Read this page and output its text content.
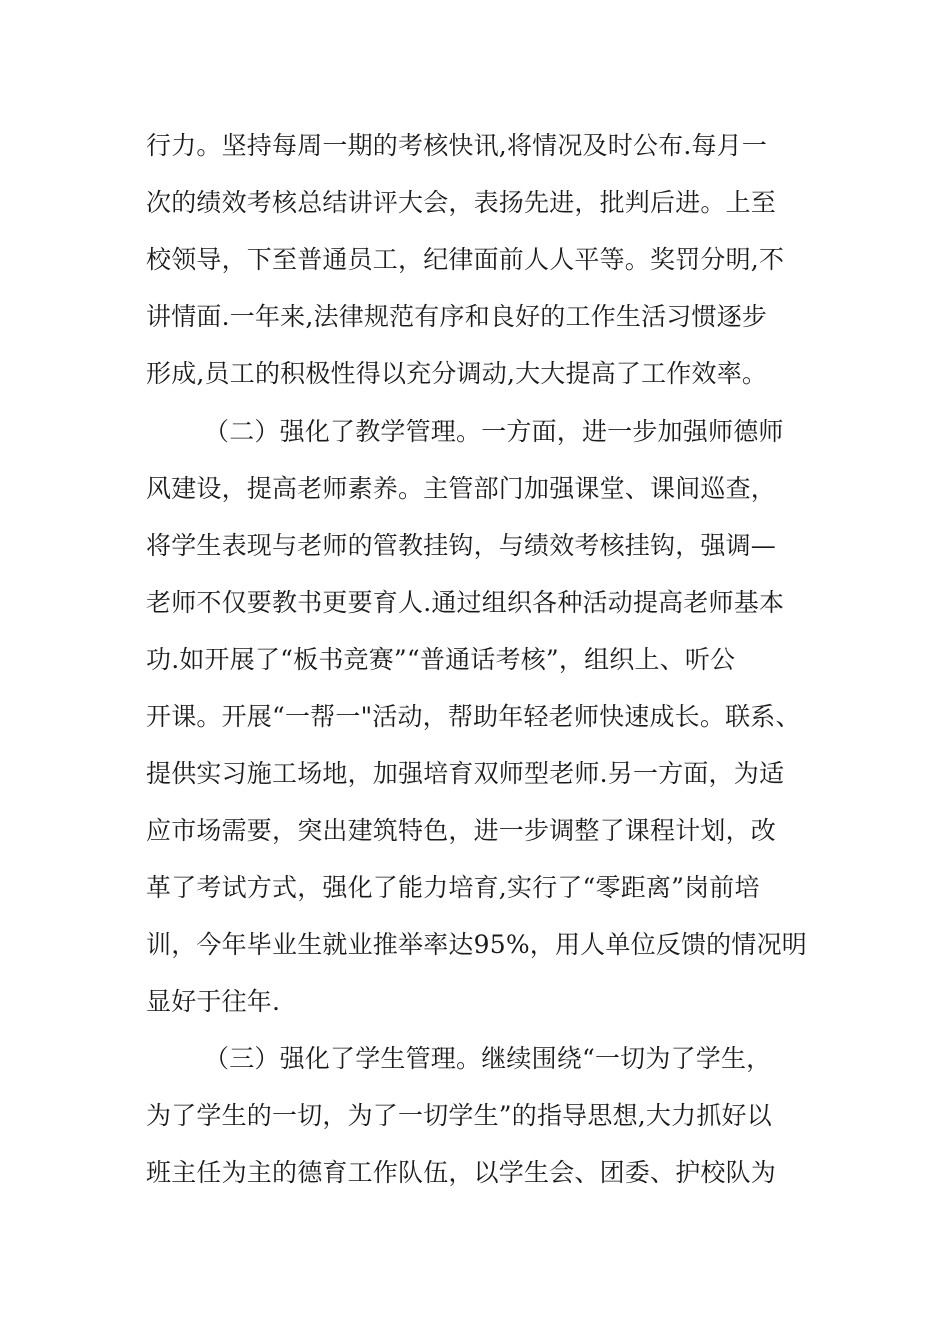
行力。坚持每周一期的考核快讯,将情况及时公布.每月一

次的绩效考核总结讲评大会，表扬先进，批判后进。上至

校领导，下至普通员工，纪律面前人人平等。奖罚分明,不

讲情面.一年来,法律规范有序和良好的工作生活习惯逐步

形成,员工的积极性得以充分调动,大大提高了工作效率。

（二）强化了教学管理。一方面，进一步加强师德师

风建设，提高老师素养。主管部门加强课堂、课间巡查，

将学生表现与老师的管教挂钩，与绩效考核挂钩，强调—

老师不仅要教书更要育人.通过组织各种活动提高老师基本

功.如开展了“板书竞赛”“普通话考核”，组织上、听公

开课。开展“一帮一"活动，帮助年轻老师快速成长。联系、

提供实习施工场地，加强培育双师型老师.另一方面，为适

应市场需要，突出建筑特色，进一步调整了课程计划，改

革了考试方式，强化了能力培育,实行了“零距离”岗前培

训，今年毕业生就业推举率达95%，用人单位反馈的情况明

显好于往年.

（三）强化了学生管理。继续围绕“一切为了学生，

为了学生的一切，为了一切学生”的指导思想,大力抓好以

班主任为主的德育工作队伍，以学生会、团委、护校队为
